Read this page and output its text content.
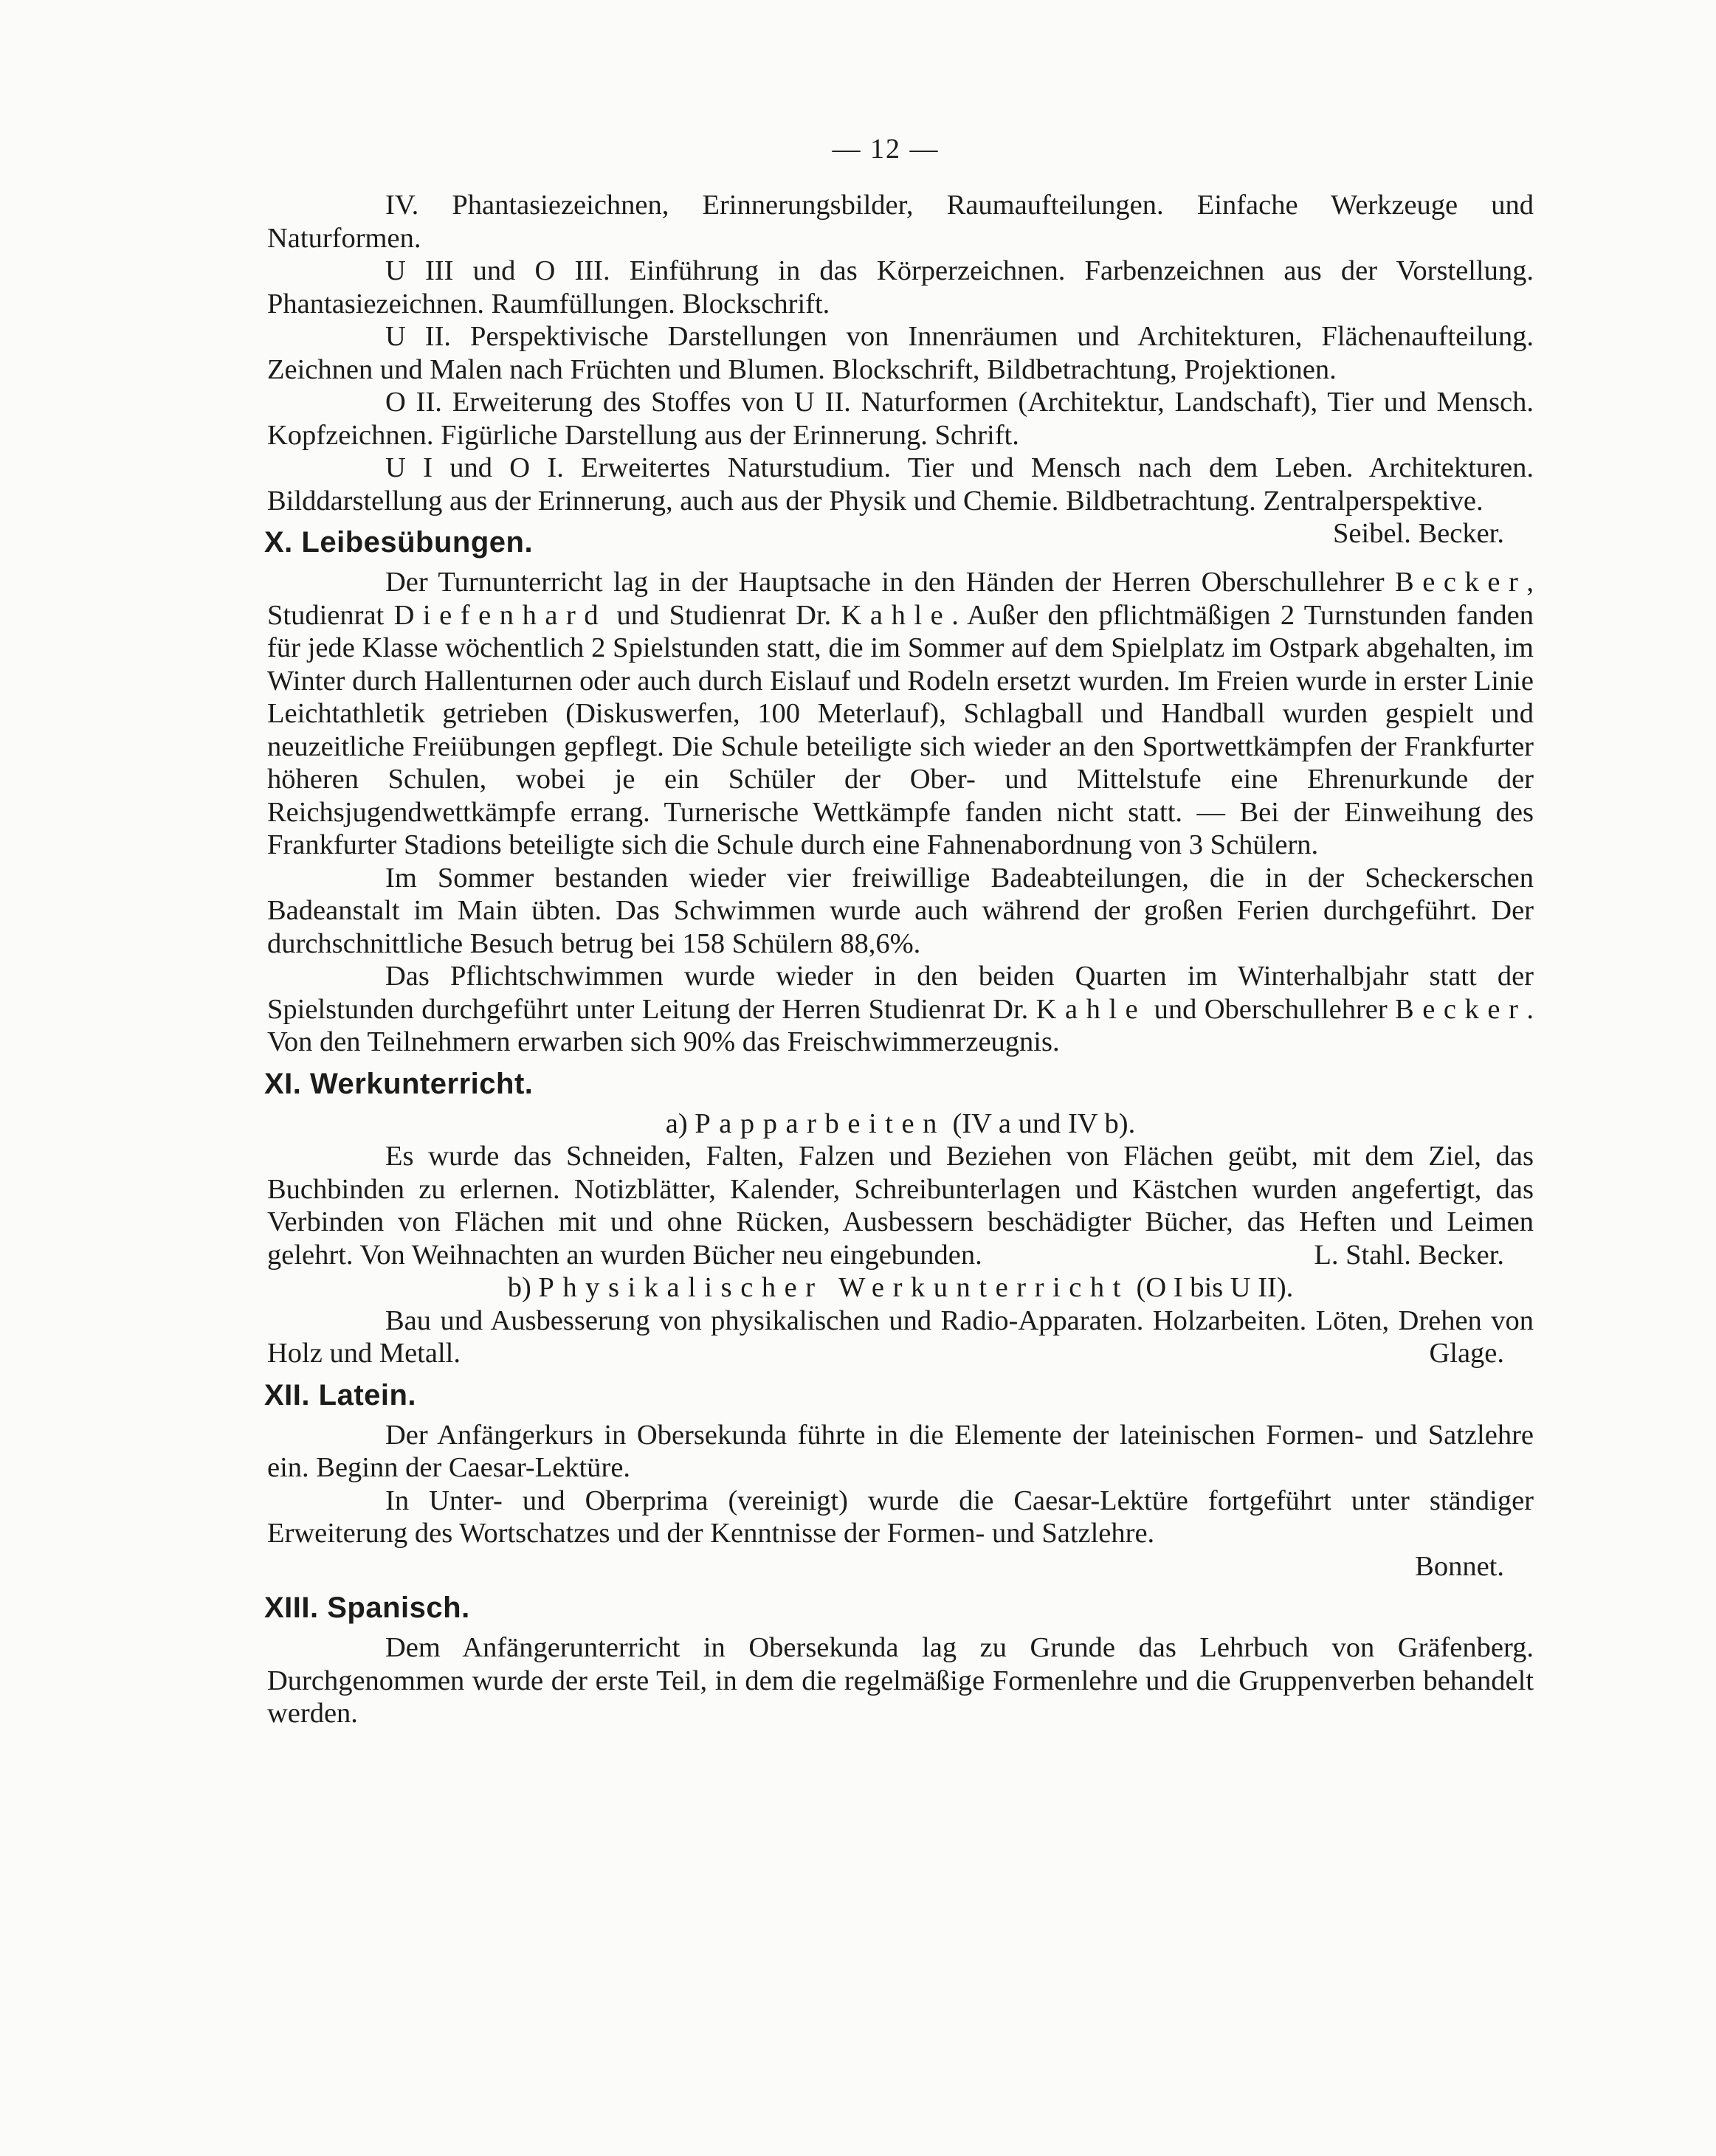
— 12 —

IV. Phantasiezeichnen, Erinnerungsbilder, Raumaufteilungen. Einfache Werkzeuge und Naturformen.

U III und O III. Einführung in das Körperzeichnen. Farbenzeichnen aus der Vorstellung. Phantasiezeichnen. Raumfüllungen. Blockschrift.

U II. Perspektivische Darstellungen von Innenräumen und Architekturen, Flächenaufteilung. Zeichnen und Malen nach Früchten und Blumen. Blockschrift, Bildbetrachtung, Projektionen.

O II. Erweiterung des Stoffes von U II. Naturformen (Architektur, Landschaft), Tier und Mensch. Kopfzeichnen. Figürliche Darstellung aus der Erinnerung. Schrift.

U I und O I. Erweitertes Naturstudium. Tier und Mensch nach dem Leben. Architekturen. Bilddarstellung aus der Erinnerung, auch aus der Physik und Chemie. Bildbetrachtung. Zentralperspektive.
Seibel. Becker.

X. Leibesübungen.

Der Turnunterricht lag in der Hauptsache in den Händen der Herren Oberschullehrer Becker, Studienrat Diefenhard und Studienrat Dr. Kahle. Außer den pflichtmäßigen 2 Turnstunden fanden für jede Klasse wöchentlich 2 Spielstunden statt, die im Sommer auf dem Spielplatz im Ostpark abgehalten, im Winter durch Hallenturnen oder auch durch Eislauf und Rodeln ersetzt wurden. Im Freien wurde in erster Linie Leichtathletik getrieben (Diskuswerfen, 100 Meterlauf), Schlagball und Handball wurden gespielt und neuzeitliche Freiübungen gepflegt. Die Schule beteiligte sich wieder an den Sportwettkämpfen der Frankfurter höheren Schulen, wobei je ein Schüler der Ober- und Mittelstufe eine Ehrenurkunde der Reichsjugendwettkämpfe errang. Turnerische Wettkämpfe fanden nicht statt. — Bei der Einweihung des Frankfurter Stadions beteiligte sich die Schule durch eine Fahnenabordnung von 3 Schülern.

Im Sommer bestanden wieder vier freiwillige Badeabteilungen, die in der Scheckerschen Badeanstalt im Main übten. Das Schwimmen wurde auch während der großen Ferien durchgeführt. Der durchschnittliche Besuch betrug bei 158 Schülern 88,6%.

Das Pflichtschwimmen wurde wieder in den beiden Quarten im Winterhalbjahr statt der Spielstunden durchgeführt unter Leitung der Herren Studienrat Dr. Kahle und Oberschullehrer Becker. Von den Teilnehmern erwarben sich 90% das Freischwimmerzeugnis.

XI. Werkunterricht.

a) Papparbeiten (IV a und IV b).

Es wurde das Schneiden, Falten, Falzen und Beziehen von Flächen geübt, mit dem Ziel, das Buchbinden zu erlernen. Notizblätter, Kalender, Schreibunterlagen und Kästchen wurden angefertigt, das Verbinden von Flächen mit und ohne Rücken, Ausbessern beschädigter Bücher, das Heften und Leimen gelehrt. Von Weihnachten an wurden Bücher neu eingebunden.	L. Stahl. Becker.

b) Physikalischer Werkunterricht (O I bis U II).

Bau und Ausbesserung von physikalischen und Radio-Apparaten. Holzarbeiten. Löten, Drehen von Holz und Metall.	Glage.

XII. Latein.

Der Anfängerkurs in Obersekunda führte in die Elemente der lateinischen Formen- und Satzlehre ein. Beginn der Caesar-Lektüre.

In Unter- und Oberprima (vereinigt) wurde die Caesar-Lektüre fortgeführt unter ständiger Erweiterung des Wortschatzes und der Kenntnisse der Formen- und Satzlehre.

Bonnet.

XIII. Spanisch.

Dem Anfängerunterricht in Obersekunda lag zu Grunde das Lehrbuch von Gräfenberg. Durchgenommen wurde der erste Teil, in dem die regelmäßige Formenlehre und die Gruppenverben behandelt werden.
